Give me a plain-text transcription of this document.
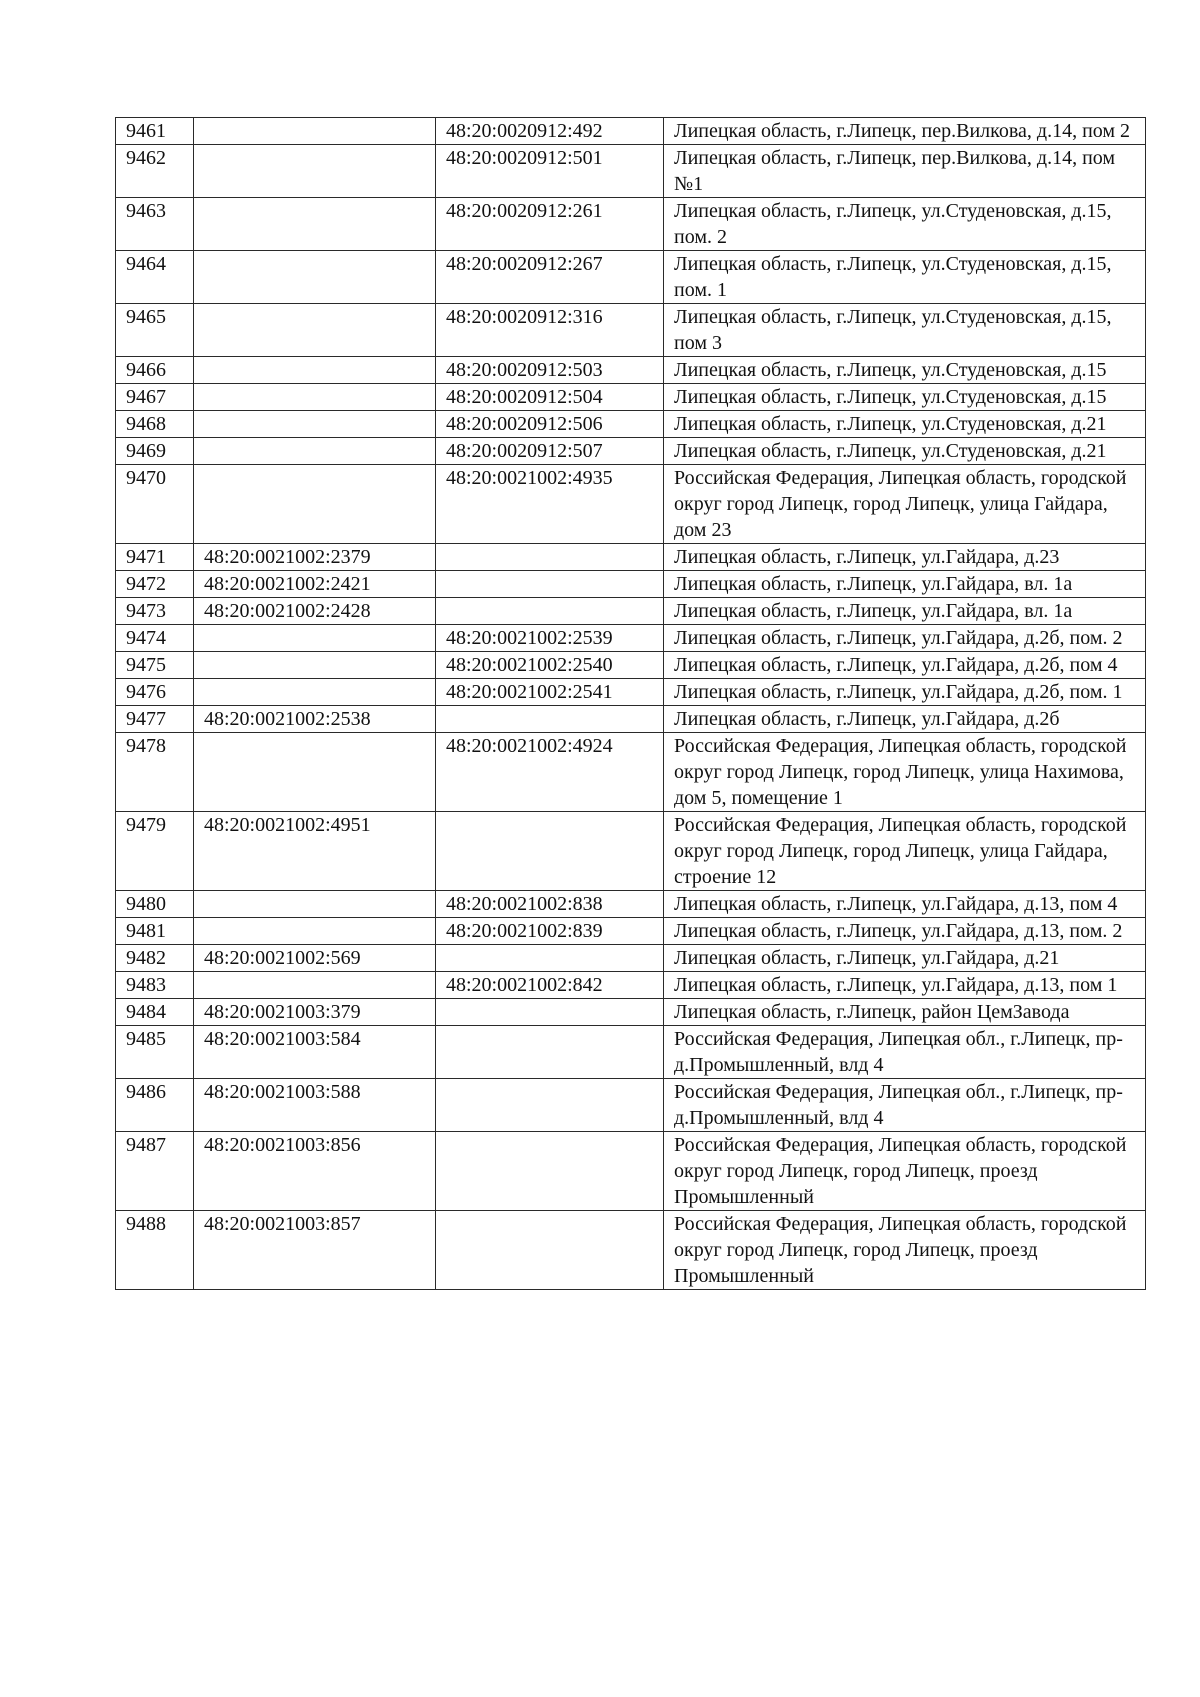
9461		48:20:0020912:492	Липецкая область, г.Липецк, пер.Вилкова, д.14, пом 2
9462		48:20:0020912:501	Липецкая область, г.Липецк, пер.Вилкова, д.14, пом №1
9463		48:20:0020912:261	Липецкая область, г.Липецк, ул.Студеновская, д.15, пом. 2
9464		48:20:0020912:267	Липецкая область, г.Липецк, ул.Студеновская, д.15, пом. 1
9465		48:20:0020912:316	Липецкая область, г.Липецк, ул.Студеновская, д.15, пом 3
9466		48:20:0020912:503	Липецкая область, г.Липецк, ул.Студеновская, д.15
9467		48:20:0020912:504	Липецкая область, г.Липецк, ул.Студеновская, д.15
9468		48:20:0020912:506	Липецкая область, г.Липецк, ул.Студеновская, д.21
9469		48:20:0020912:507	Липецкая область, г.Липецк, ул.Студеновская, д.21
9470		48:20:0021002:4935	Российская Федерация, Липецкая область, городской округ город Липецк, город Липецк, улица Гайдара, дом 23
9471	48:20:0021002:2379		Липецкая область, г.Липецк, ул.Гайдара, д.23
9472	48:20:0021002:2421		Липецкая область, г.Липецк, ул.Гайдара, вл. 1а
9473	48:20:0021002:2428		Липецкая область, г.Липецк, ул.Гайдара, вл. 1а
9474		48:20:0021002:2539	Липецкая область, г.Липецк, ул.Гайдара, д.2б, пом. 2
9475		48:20:0021002:2540	Липецкая область, г.Липецк, ул.Гайдара, д.2б, пом 4
9476		48:20:0021002:2541	Липецкая область, г.Липецк, ул.Гайдара, д.2б, пом. 1
9477	48:20:0021002:2538		Липецкая область, г.Липецк, ул.Гайдара, д.2б
9478		48:20:0021002:4924	Российская Федерация, Липецкая область, городской округ город Липецк, город Липецк, улица Нахимова, дом 5, помещение 1
9479	48:20:0021002:4951		Российская Федерация, Липецкая область, городской округ город Липецк, город Липецк, улица Гайдара, строение 12
9480		48:20:0021002:838	Липецкая область, г.Липецк, ул.Гайдара, д.13, пом 4
9481		48:20:0021002:839	Липецкая область, г.Липецк, ул.Гайдара, д.13, пом. 2
9482	48:20:0021002:569		Липецкая область, г.Липецк, ул.Гайдара, д.21
9483		48:20:0021002:842	Липецкая область, г.Липецк, ул.Гайдара, д.13, пом 1
9484	48:20:0021003:379		Липецкая область, г.Липецк, район ЦемЗавода
9485	48:20:0021003:584		Российская Федерация, Липецкая обл., г.Липецк, пр-д.Промышленный, влд 4
9486	48:20:0021003:588		Российская Федерация, Липецкая обл., г.Липецк, пр-д.Промышленный, влд 4
9487	48:20:0021003:856		Российская Федерация, Липецкая область, городской округ город Липецк, город Липецк, проезд Промышленный
9488	48:20:0021003:857		Российская Федерация, Липецкая область, городской округ город Липецк, город Липецк, проезд Промышленный
